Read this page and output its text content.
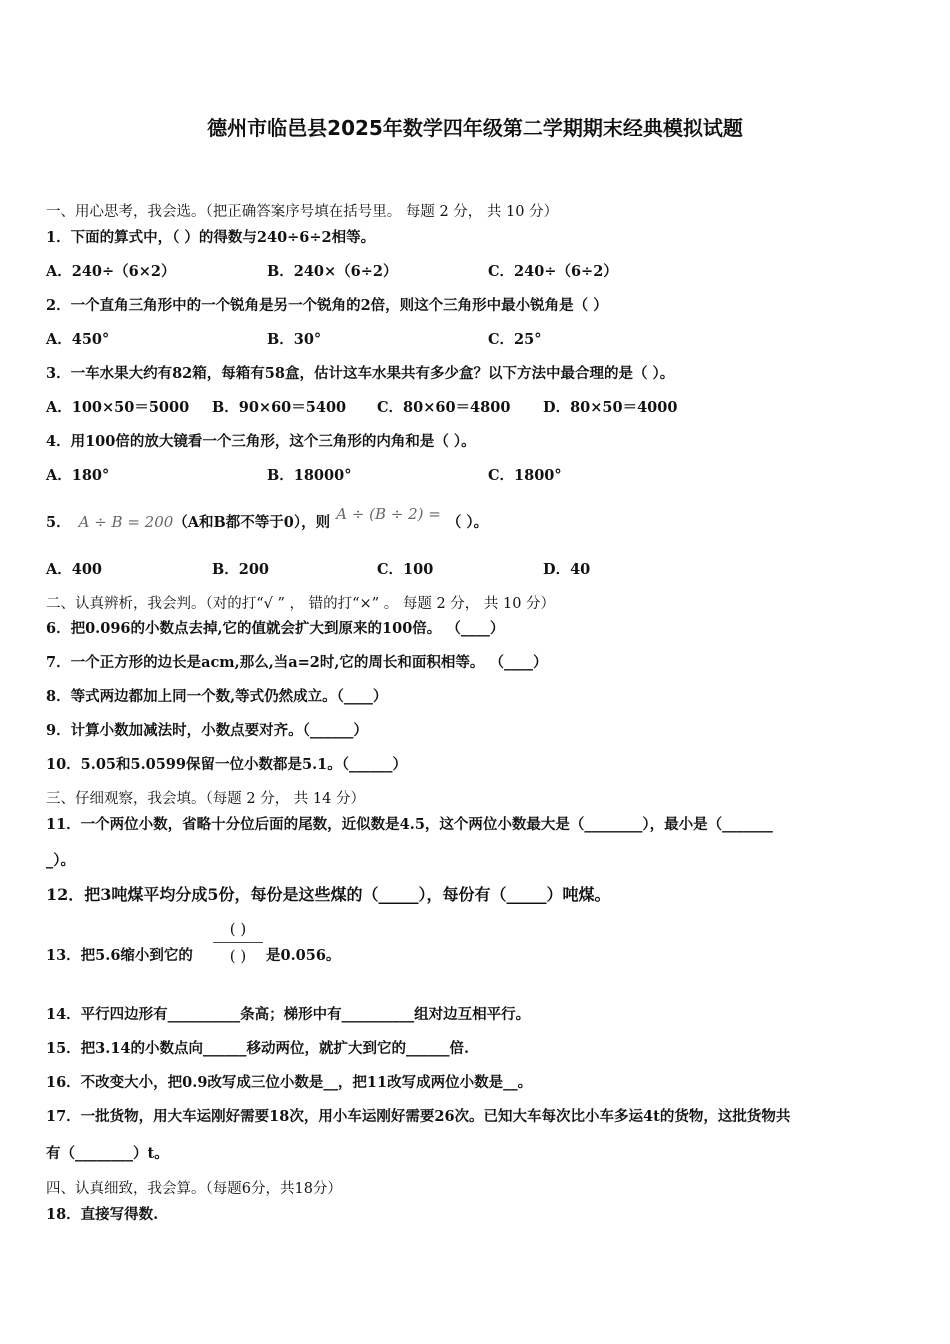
德州市临邑县2025年数学四年级第二学期期末经典模拟试题
一、用心思考，我会选。（把正确答案序号填在括号里。 每题 2 分， 共 10 分）
1．下面的算式中，（ ）的得数与240÷6÷2相等。
A．240÷（6×2）	B．240×（6÷2）	C．240÷（6÷2）
2．一个直角三角形中的一个锐角是另一个锐角的2倍，则这个三角形中最小锐角是（ ）
A．450°	B．30°	C．25°
3．一车水果大约有82箱，每箱有58盒，估计这车水果共有多少盒？以下方法中最合理的是（ ）。
A．100×50＝5000 B．90×60＝5400 C．80×60＝4800 D．80×50＝4000
4．用100倍的放大镜看一个三角形，这个三角形的内角和是（ ）。
A．180°	B．18000°	C．1800°
5． A ÷ B = 200（A和B都不等于0），则 A ÷ (B ÷ 2) = （ ）。
A．400	B．200	C．100	D．40
二、认真辨析，我会判。（对的打“√ ” ， 错的打“×” 。 每题 2 分， 共 10 分）
6．把0.096的小数点去掉,它的值就会扩大到原来的100倍。 （____）
7．一个正方形的边长是acm,那么,当a=2时,它的周长和面积相等。 （____）
8．等式两边都加上同一个数,等式仍然成立。（____）
9．计算小数加减法时，小数点要对齐。（______）
10．5.05和5.0599保留一位小数都是5.1。（______）
三、仔细观察，我会填。（每题 2 分， 共 14 分）
11．一个两位小数，省略十分位后面的尾数，近似数是4.5，这个两位小数最大是（________），最小是（_______
_）。
12．把3吨煤平均分成5份，每份是这些煤的（_____），每份有（_____）吨煤。
13．把5.6缩小到它的
( )
( )	是0.056。
14．平行四边形有__________条高；梯形中有__________组对边互相平行。
15．把3.14的小数点向______移动两位，就扩大到它的______倍.
16．不改变大小，把0.9改写成三位小数是__，把11改写成两位小数是__。
17．一批货物，用大车运刚好需要18次，用小车运刚好需要26次。已知大车每次比小车多运4t的货物，这批货物共
有（________）t。
四、认真细致，我会算。（每题6分，共18分）
18．直接写得数.
